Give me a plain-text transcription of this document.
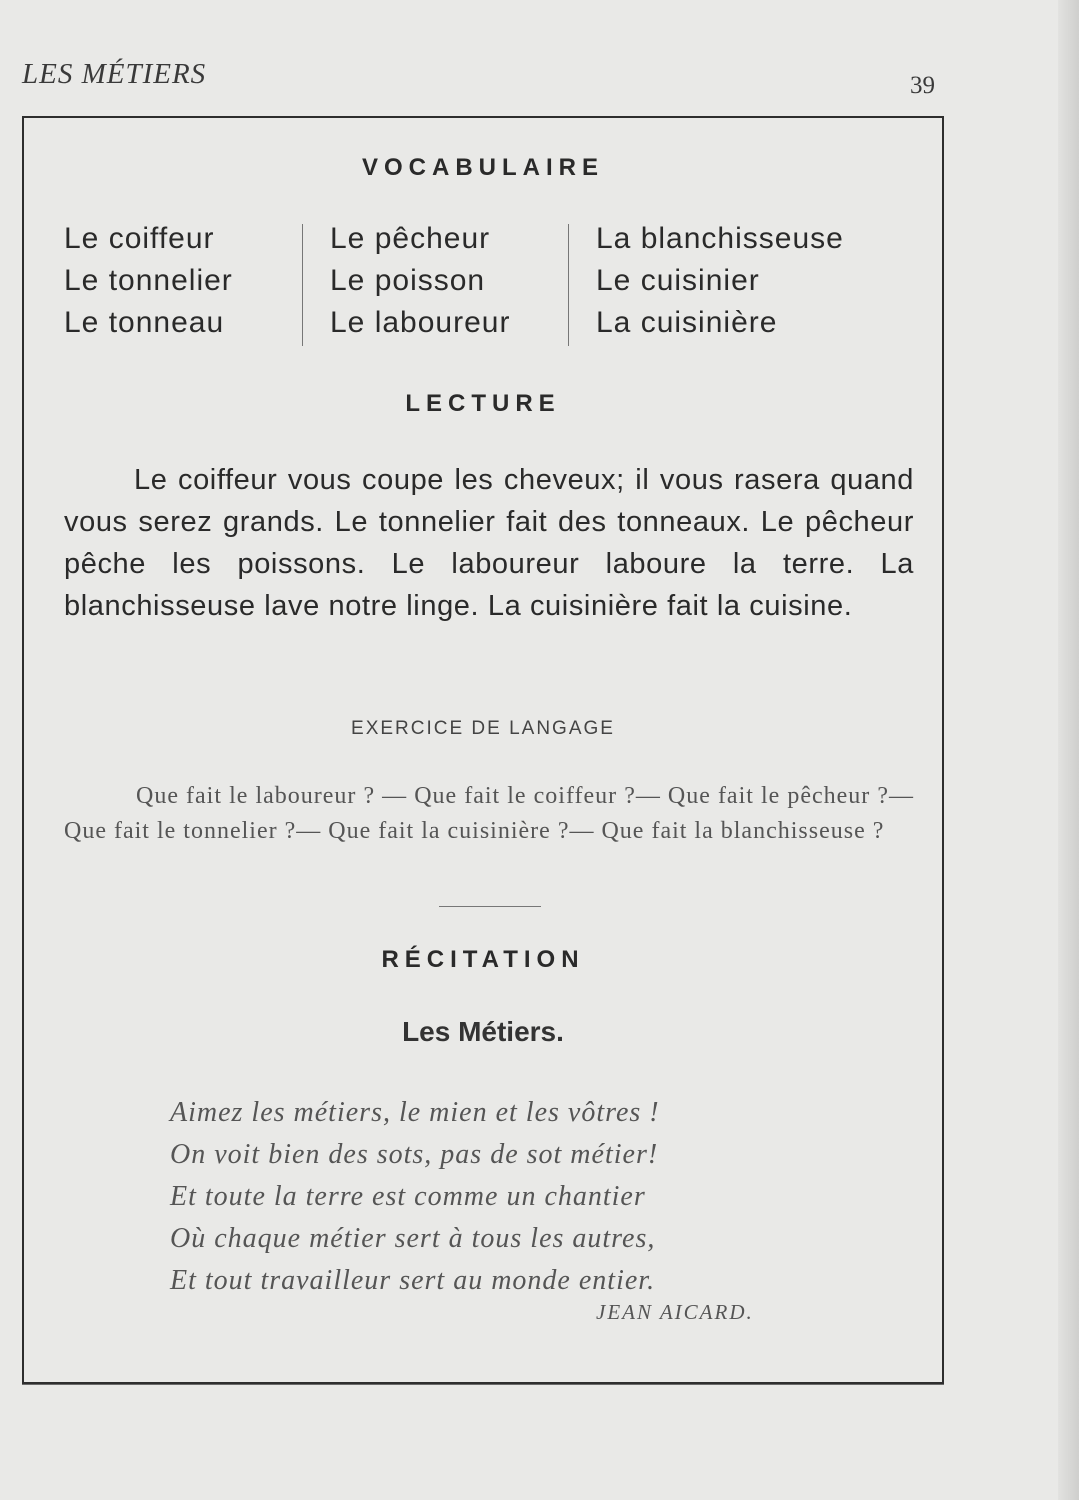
LES MÉTIERS	39
VOCABULAIRE
Le coiffeur
Le tonnelier
Le tonneau
Le pêcheur
Le poisson
Le laboureur
La blanchisseuse
Le cuisinier
La cuisinière
LECTURE
Le coiffeur vous coupe les cheveux; il vous rasera quand vous serez grands. Le tonnelier fait des tonneaux. Le pêcheur pêche les poissons. Le laboureur laboure la terre. La blanchisseuse lave notre linge. La cuisinière fait la cuisine.
EXERCICE DE LANGAGE
Que fait le laboureur ? — Que fait le coiffeur ?— Que fait le pêcheur ?— Que fait le tonnelier ?— Que fait la cuisinière ?— Que fait la blanchisseuse ?
RÉCITATION
Les Métiers.
Aimez les métiers, le mien et les vôtres !
On voit bien des sots, pas de sot métier!
Et toute la terre est comme un chantier
Où chaque métier sert à tous les autres,
Et tout travailleur sert au monde entier.
JEAN AICARD.
